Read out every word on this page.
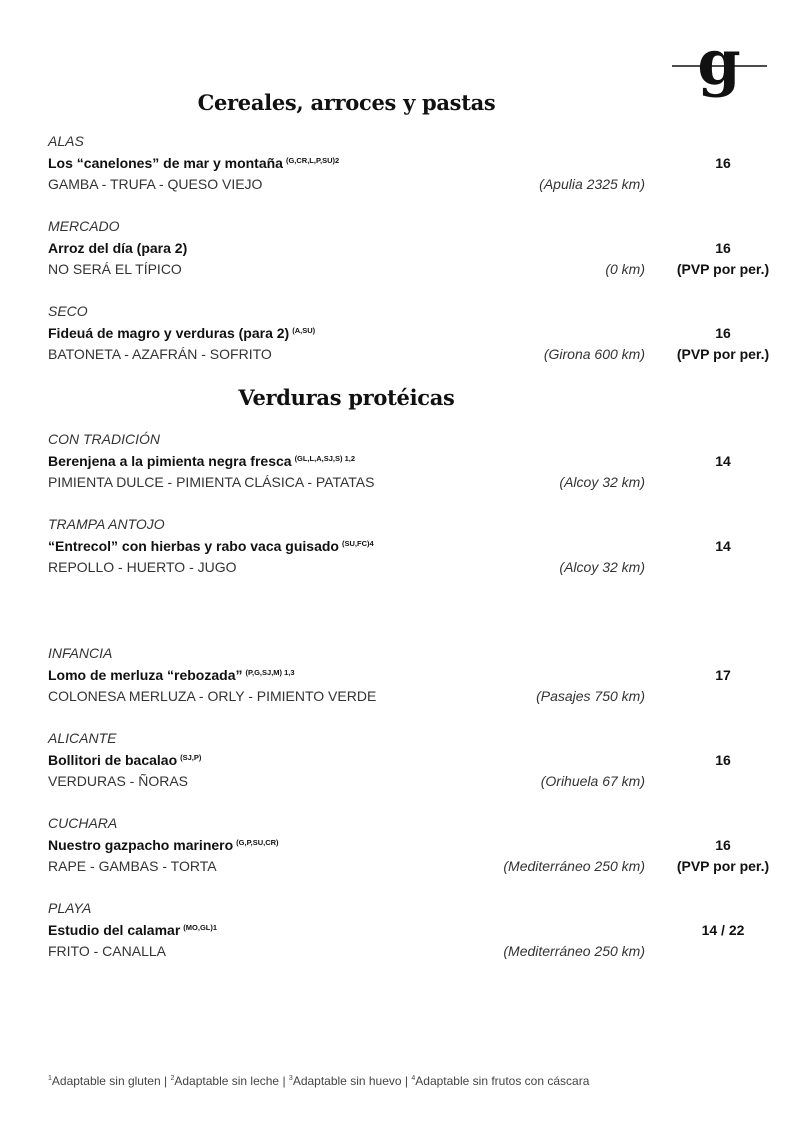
g
Cereales, arroces y pastas
Verduras protéicas
ALAS
Los “canelones” de mar y montaña $^{(G,CR,L,P,SU)2}$
GAMBA - TRUFA - QUESO VIEJO	(Apulia 2325 km)
16
MERCADO
Arroz del día (para 2)
NO SERÁ EL TÍPICO	(0 km)
16
(PVP por per.)
SECO
Fideuá de magro y verduras (para 2) $^{(A,SU)}$
BATONETA - AZAFRÁN - SOFRITO	(Girona 600 km)
16
(PVP por per.)
CON TRADICIÓN
Berenjena a la pimienta negra fresca $^{(GL,L,A,SJ,S) 1,2}$
PIMIENTA DULCE - PIMIENTA CLÁSICA - PATATAS	(Alcoy 32 km)
14
TRAMPA ANTOJO
“Entrecol” con hierbas y rabo vaca guisado $^{(SU,FC)4}$
REPOLLO - HUERTO - JUGO	(Alcoy 32 km)
14
INFANCIA
Lomo de merluza “rebozada” $^{(P,G,SJ,M) 1,3}$
COLONESA MERLUZA - ORLY - PIMIENTO VERDE	(Pasajes 750 km)
17
ALICANTE
Bollitori de bacalao $^{(SJ,P)}$
VERDURAS - ÑORAS	(Orihuela 67 km)
16
CUCHARA
Nuestro gazpacho marinero $^{(G,P,SU,CR)}$
RAPE - GAMBAS - TORTA	(Mediterráneo 250 km)
16
(PVP por per.)
PLAYA
Estudio del calamar $^{(MO,GL)1}$
FRITO - CANALLA	(Mediterráneo 250 km)
14 / 22
$^1$Adaptable sin gluten | $^2$Adaptable sin leche | $^3$Adaptable sin huevo | $^4$Adaptable sin frutos con cáscara
